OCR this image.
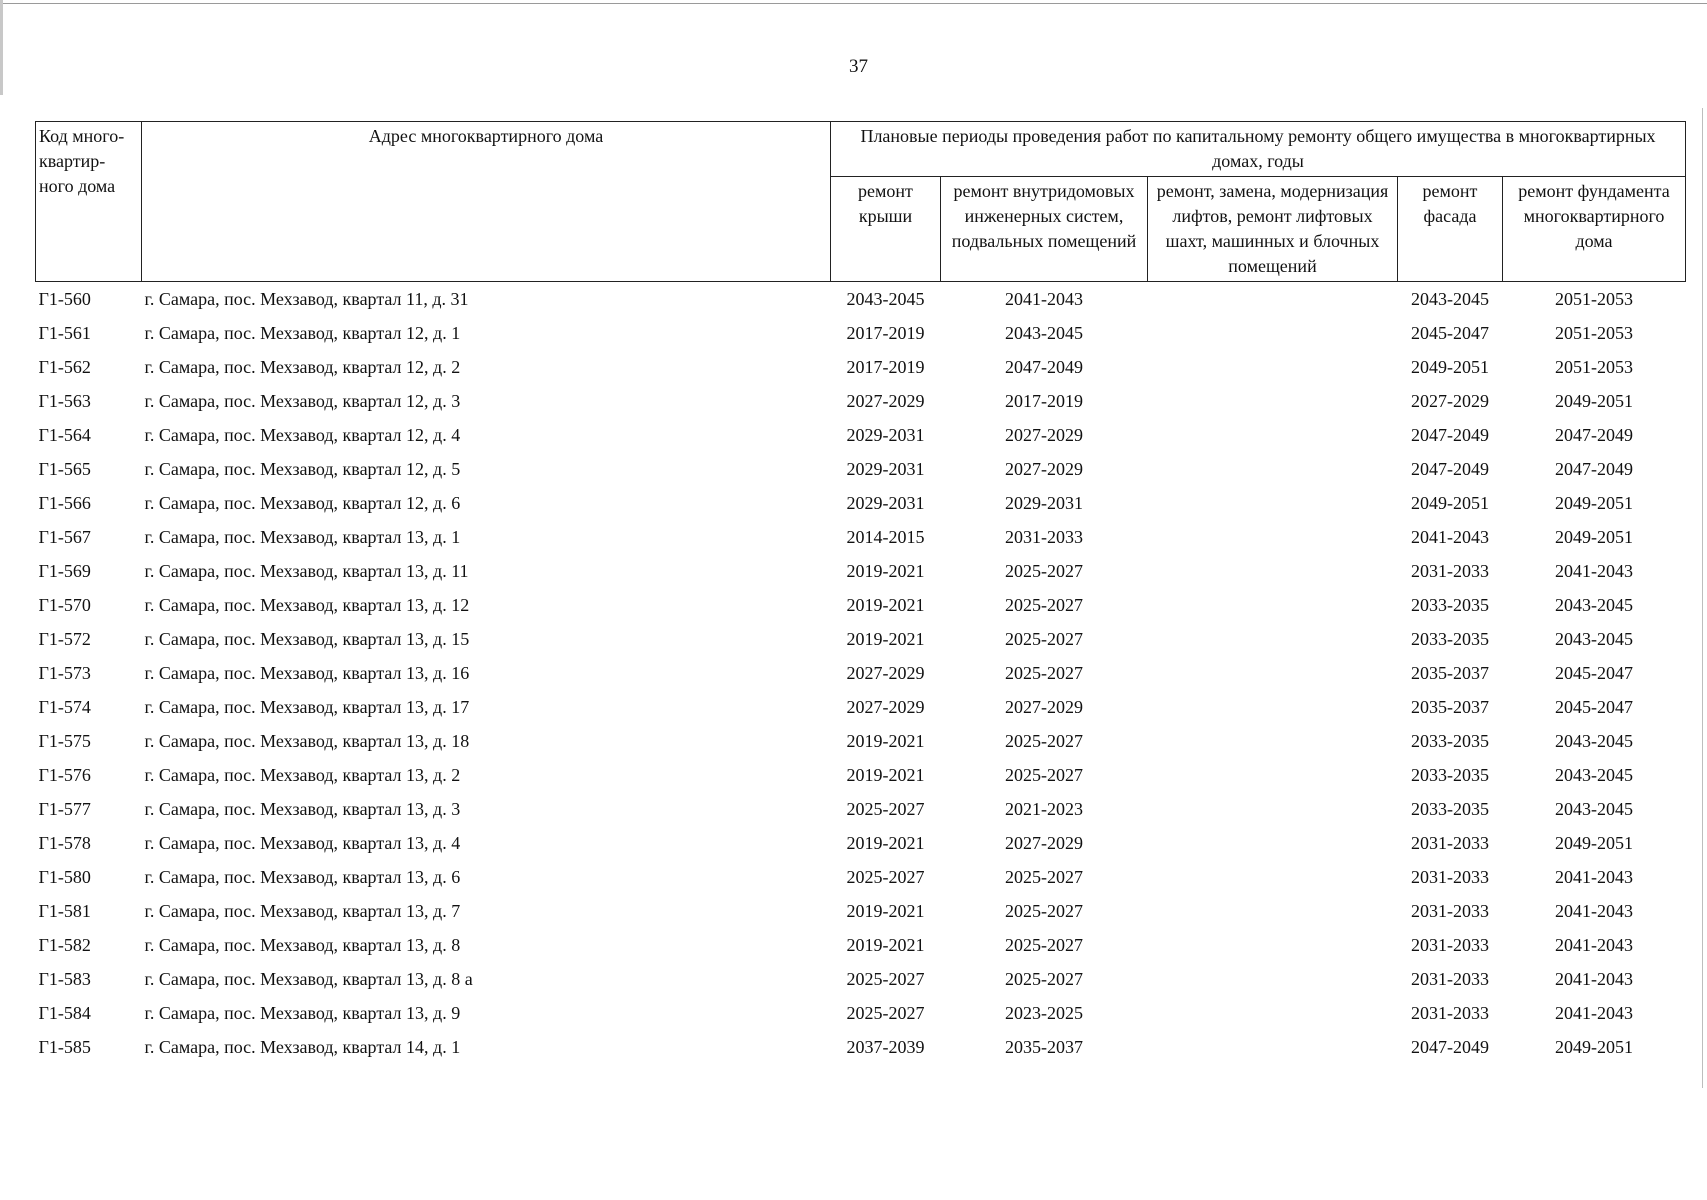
37
Код много-квартир-ного дома	Адрес многоквартирного дома	Плановые периоды проведения работ по капитальному ремонту общего имущества в многоквартирных домах, годы				
		ремонт крыши	ремонт внутридомовых инженерных систем, подвальных помещений	ремонт, замена, модернизация лифтов, ремонт лифтовых шахт, машинных и блочных помещений	ремонт фасада	ремонт фундамента многоквартирного дома
Г1-560	г. Самара, пос. Мехзавод, квартал 11, д. 31	2043-2045	2041-2043		2043-2045	2051-2053
Г1-561	г. Самара, пос. Мехзавод, квартал 12, д. 1	2017-2019	2043-2045		2045-2047	2051-2053
Г1-562	г. Самара, пос. Мехзавод, квартал 12, д. 2	2017-2019	2047-2049		2049-2051	2051-2053
Г1-563	г. Самара, пос. Мехзавод, квартал 12, д. 3	2027-2029	2017-2019		2027-2029	2049-2051
Г1-564	г. Самара, пос. Мехзавод, квартал 12, д. 4	2029-2031	2027-2029		2047-2049	2047-2049
Г1-565	г. Самара, пос. Мехзавод, квартал 12, д. 5	2029-2031	2027-2029		2047-2049	2047-2049
Г1-566	г. Самара, пос. Мехзавод, квартал 12, д. 6	2029-2031	2029-2031		2049-2051	2049-2051
Г1-567	г. Самара, пос. Мехзавод, квартал 13, д. 1	2014-2015	2031-2033		2041-2043	2049-2051
Г1-569	г. Самара, пос. Мехзавод, квартал 13, д. 11	2019-2021	2025-2027		2031-2033	2041-2043
Г1-570	г. Самара, пос. Мехзавод, квартал 13, д. 12	2019-2021	2025-2027		2033-2035	2043-2045
Г1-572	г. Самара, пос. Мехзавод, квартал 13, д. 15	2019-2021	2025-2027		2033-2035	2043-2045
Г1-573	г. Самара, пос. Мехзавод, квартал 13, д. 16	2027-2029	2025-2027		2035-2037	2045-2047
Г1-574	г. Самара, пос. Мехзавод, квартал 13, д. 17	2027-2029	2027-2029		2035-2037	2045-2047
Г1-575	г. Самара, пос. Мехзавод, квартал 13, д. 18	2019-2021	2025-2027		2033-2035	2043-2045
Г1-576	г. Самара, пос. Мехзавод, квартал 13, д. 2	2019-2021	2025-2027		2033-2035	2043-2045
Г1-577	г. Самара, пос. Мехзавод, квартал 13, д. 3	2025-2027	2021-2023		2033-2035	2043-2045
Г1-578	г. Самара, пос. Мехзавод, квартал 13, д. 4	2019-2021	2027-2029		2031-2033	2049-2051
Г1-580	г. Самара, пос. Мехзавод, квартал 13, д. 6	2025-2027	2025-2027		2031-2033	2041-2043
Г1-581	г. Самара, пос. Мехзавод, квартал 13, д. 7	2019-2021	2025-2027		2031-2033	2041-2043
Г1-582	г. Самара, пос. Мехзавод, квартал 13, д. 8	2019-2021	2025-2027		2031-2033	2041-2043
Г1-583	г. Самара, пос. Мехзавод, квартал 13, д. 8 а	2025-2027	2025-2027		2031-2033	2041-2043
Г1-584	г. Самара, пос. Мехзавод, квартал 13, д. 9	2025-2027	2023-2025		2031-2033	2041-2043
Г1-585	г. Самара, пос. Мехзавод, квартал 14, д. 1	2037-2039	2035-2037		2047-2049	2049-2051
